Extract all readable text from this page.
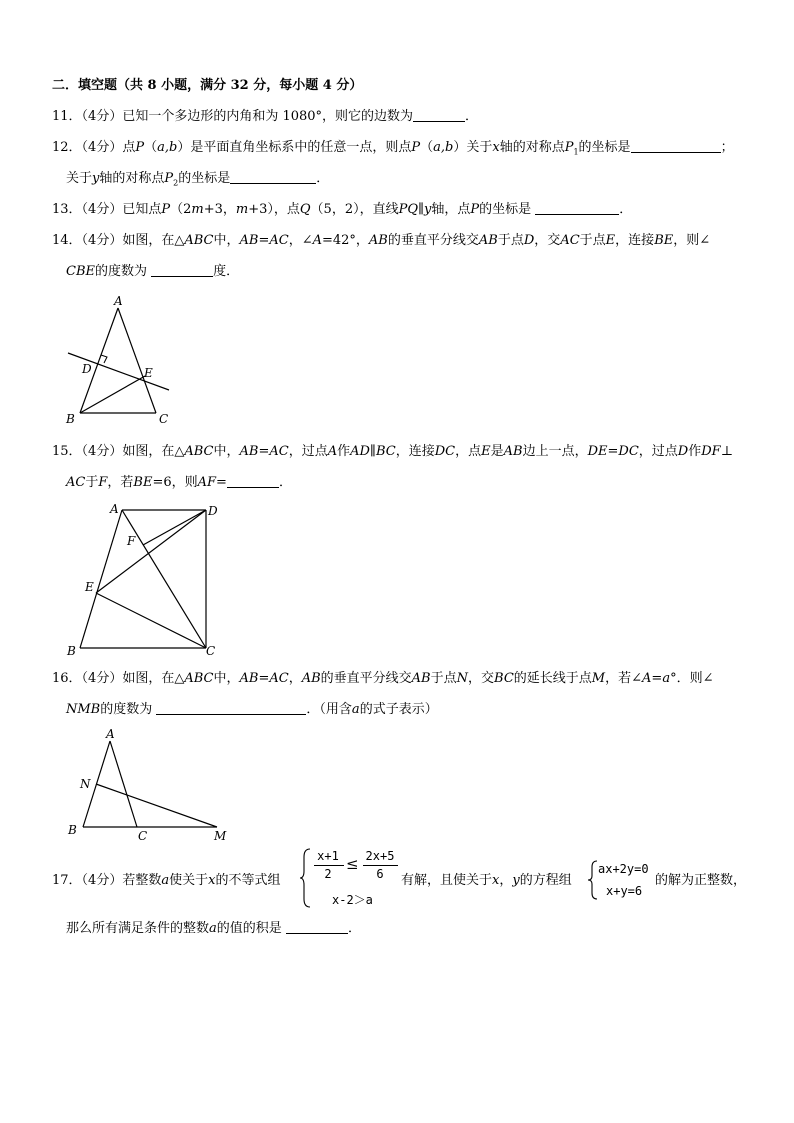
二．填空题（共 8 小题，满分 32 分，每小题 4 分）
11．（4分）已知一个多边形的内角和为 1080°，则它的边数为	．
12．（4分）点P（a,b）是平面直角坐标系中的任意一点，则点P（a,b）关于x轴的对称点$P_1$的坐标是	；
关于y轴的对称点$P_2$的坐标是	．
13．（4分）已知点P（2m+3，m+3），点Q（5，2），直线PQ∥y轴，点P的坐标是	．
14．（4分）如图，在△ABC中，AB=AC，∠A=42°，AB的垂直平分线交AB于点D，交AC于点E，连接BE，则∠
CBE的度数为	度．
A
B	C
D	E
15．（4分）如图，在△ABC中，AB=AC，过点A作AD∥BC，连接DC，点E是AB边上一点，DE=DC，过点D作DF⊥
AC于F，若BE=6，则AF=	．
A	D
F
E
B	C
16．（4分）如图，在△ABC中，AB=AC，AB的垂直平分线交AB于点N，交BC的延长线于点M，若∠A=a°．则∠
NMB的度数为	．（用含a的式子表示）
A
N
B	C	M
17．（4分）若整数a使关于x的不等式组
x+1
2
≤ 2x+5
6
x-2＞a
有解，且使关于x，y的方程组
ax+2y=0
x+y=6
的解为正整数，
那么所有满足条件的整数a的值的积是	．
